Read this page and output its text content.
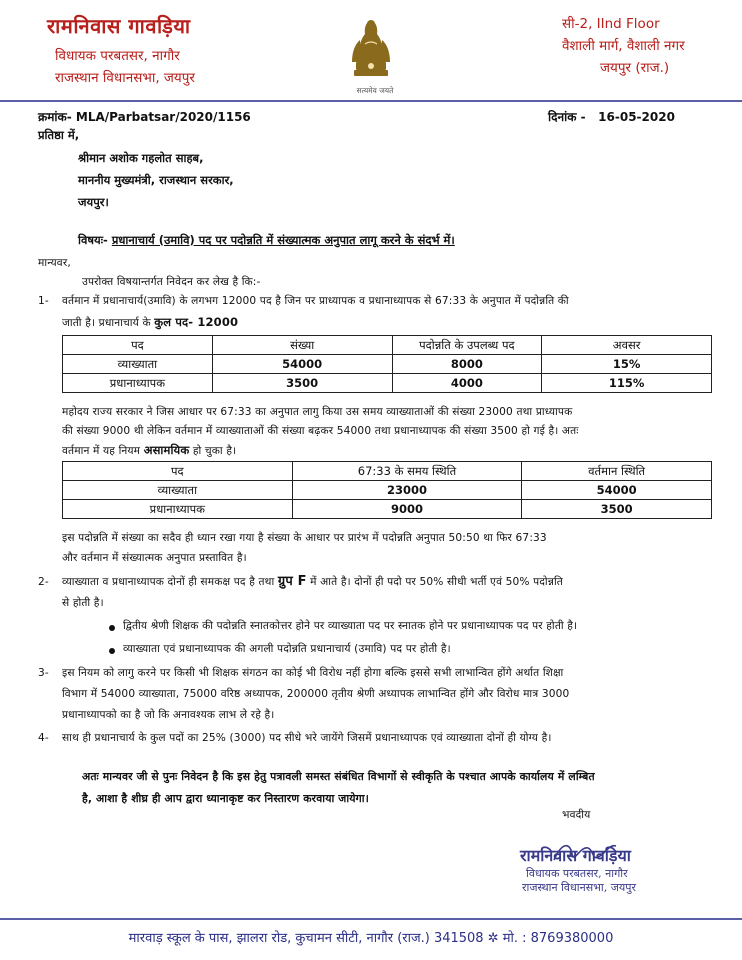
रामनिवास गावड़िया
विधायक परबतसर, नागौर
राजस्थान विधानसभा, जयपुर
सत्यमेव जयते
सी-2, IInd Floor
वैशाली मार्ग, वैशाली नगर
जयपुर (राज.)
क्रमांक- MLA/Parbatsar/2020/1156	दिनांक - 16-05-2020
प्रतिष्ठा में,
श्रीमान अशोक गहलोत साहब,
माननीय मुख्यमंत्री, राजस्थान सरकार,
जयपुर।
विषयः- प्रधानाचार्य (उमावि) पद पर पदोन्नति में संख्यात्मक अनुपात लागू करने के संदर्भ में।
मान्यवर,
उपरोक्त विषयान्तर्गत निवेदन कर लेख है कि:-
1- वर्तमान में प्रधानाचार्य(उमावि) के लगभग 12000 पद है जिन पर प्राध्यापक व प्रधानाध्यापक से 67:33 के अनुपात में पदोन्नति की
जाती है। प्रधानाचार्य के कुल पद- 12000
पद	संख्या	पदोन्नति के उपलब्ध पद	अवसर
व्याख्याता	54000	8000	15%
प्रधानाध्यापक	3500	4000	115%
महोदय राज्य सरकार ने जिस आधार पर 67:33 का अनुपात लागु किया उस समय व्याख्याताओं की संख्या 23000 तथा प्राध्यापक
की संख्या 9000 थी लेकिन वर्तमान में व्याख्याताओं की संख्या बढ़कर 54000 तथा प्रधानाध्यापक की संख्या 3500 हो गई है। अतः
वर्तमान में यह नियम असामयिक हो चुका है।
पद	67:33 के समय स्थिति	वर्तमान स्थिति
व्याख्याता	23000	54000
प्रधानाध्यापक	9000	3500
इस पदोन्नति में संख्या का सदैव ही ध्यान रखा गया है संख्या के आधार पर प्रारंभ में पदोन्नति अनुपात 50:50 था फिर 67:33
और वर्तमान में संख्यात्मक अनुपात प्रस्तावित है।
2- व्याख्याता व प्रधानाध्यापक दोनों ही समकक्ष पद है तथा ग्रुप F में आते है। दोनों ही पदो पर 50% सीधी भर्ती एवं 50% पदोन्नति
से होती है।
द्वितीय श्रेणी शिक्षक की पदोन्नति स्नातकोत्तर होने पर व्याख्याता पद पर स्नातक होने पर प्रधानाध्यापक पद पर होती है।
व्याख्याता एवं प्रधानाध्यापक की अगली पदोन्नति प्रधानाचार्य (उमावि) पद पर होती है।
3- इस नियम को लागु करने पर किसी भी शिक्षक संगठन का कोई भी विरोध नहीं होगा बल्कि इससे सभी लाभान्वित होंगे अर्थात शिक्षा
विभाग में 54000 व्याख्याता, 75000 वरिष्ठ अध्यापक, 200000 तृतीय श्रेणी अध्यापक लाभान्वित होंगे और विरोध मात्र 3000
प्रधानाध्यापको का है जो कि अनावश्यक लाभ ले रहे है।
4- साथ ही प्रधानाचार्य के कुल पदों का 25% (3000) पद सीधे भरे जायेंगे जिसमें प्रधानाध्यापक एवं व्याख्याता दोनों ही योग्य है।
अतः मान्यवर जी से पुनः निवेदन है कि इस हेतु पत्रावली समस्त संबंधित विभागों से स्वीकृति के पश्चात आपके कार्यालय में लम्बित
है, आशा है शीघ्र ही आप द्वारा ध्यानाकृष्ट कर निस्तारण करवाया जायेगा।
भवदीय
रामनिवास गावड़िया
विधायक परबतसर, नागौर
राजस्थान विधानसभा, जयपुर
मारवाड़ स्कूल के पास, झालरा रोड, कुचामन सीटी, नागौर (राज.) 341508 ✲ मो. : 8769380000
